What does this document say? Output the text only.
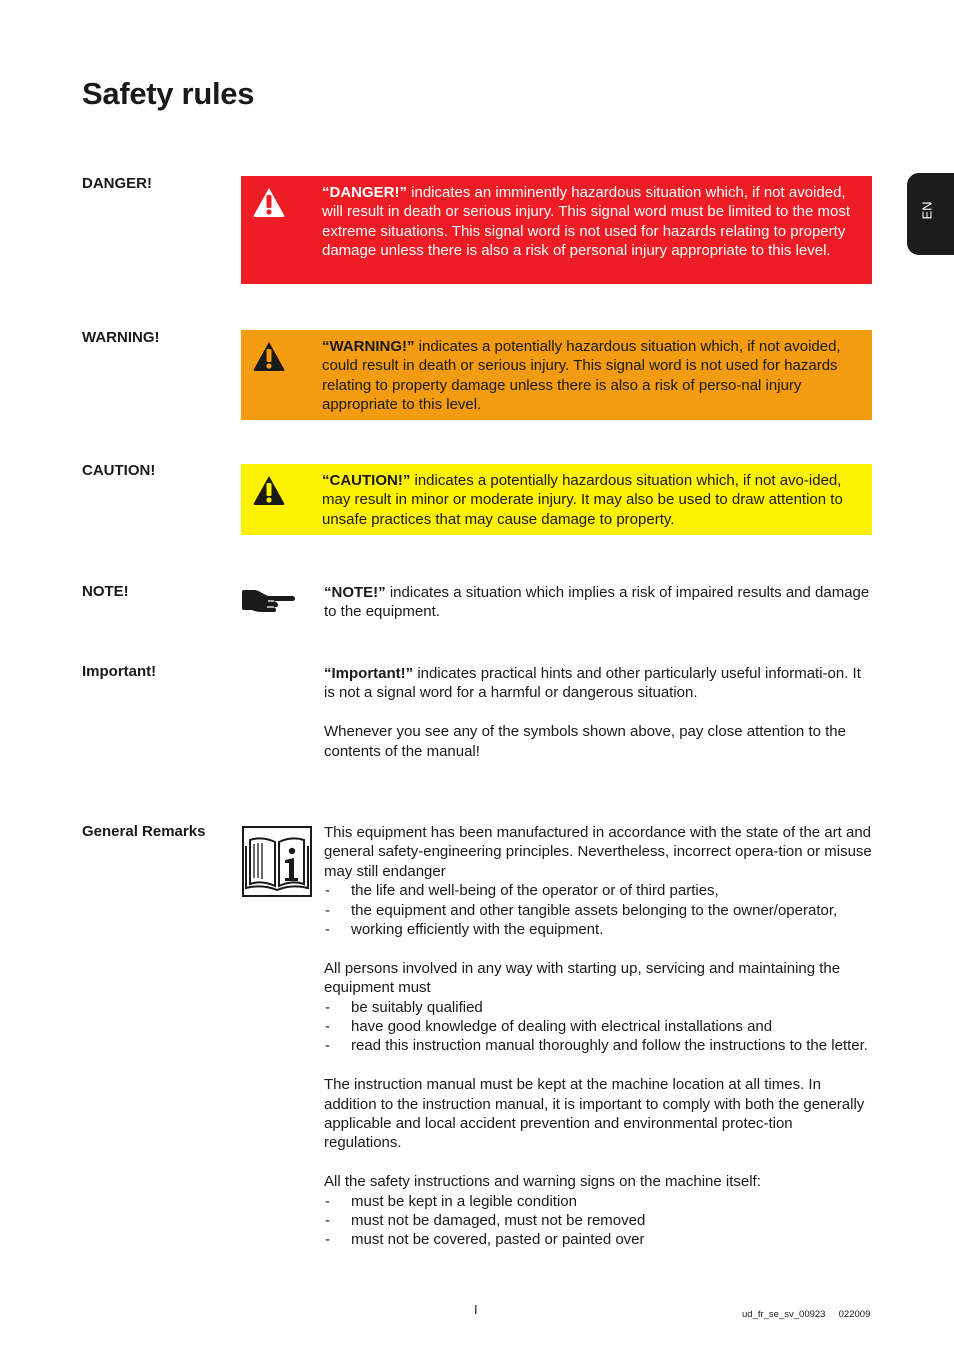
Safety rules
EN
DANGER!
“DANGER!” indicates an imminently hazardous situation which, if not avoided, will result in death or serious injury. This signal word must be limited to the most extreme situations. This signal word is not used for hazards relating to property damage unless there is also a risk of personal injury appropriate to this level.
WARNING!
“WARNING!” indicates a potentially hazardous situation which, if not avoided, could result in death or serious injury. This signal word is not used for hazards relating to property damage unless there is also a risk of perso-nal injury appropriate to this level.
CAUTION!
“CAUTION!” indicates a potentially hazardous situation which, if not avo-ided, may result in minor or moderate injury. It may also be used to draw attention to unsafe practices that may cause damage to property.
NOTE!	“NOTE!” indicates a situation which implies a risk of impaired results and damage to the equipment.
Important!	“Important!” indicates practical hints and other particularly useful informati-on. It is not a signal word for a harmful or dangerous situation.

Whenever you see any of the symbols shown above, pay close attention to the contents of the manual!

General Remarks	This equipment has been manufactured in accordance with the state of the art and general safety-engineering principles. Nevertheless, incorrect opera-tion or misuse may still endanger

- the life and well-being of the operator or of third parties,
- the equipment and other tangible assets belonging to the owner/operator,
- working efficiently with the equipment.

All persons involved in any way with starting up, servicing and maintaining the equipment must

- be suitably qualified
- have good knowledge of dealing with electrical installations and
- read this instruction manual thoroughly and follow the instructions to the letter.

The instruction manual must be kept at the machine location at all times. In addition to the instruction manual, it is important to comply with both the generally applicable and local accident prevention and environmental protec-tion regulations.

All the safety instructions and warning signs on the machine itself:

- must be kept in a legible condition
- must not be damaged, must not be removed
- must not be covered, pasted or painted over
I	ud_fr_se_sv_00923     022009
